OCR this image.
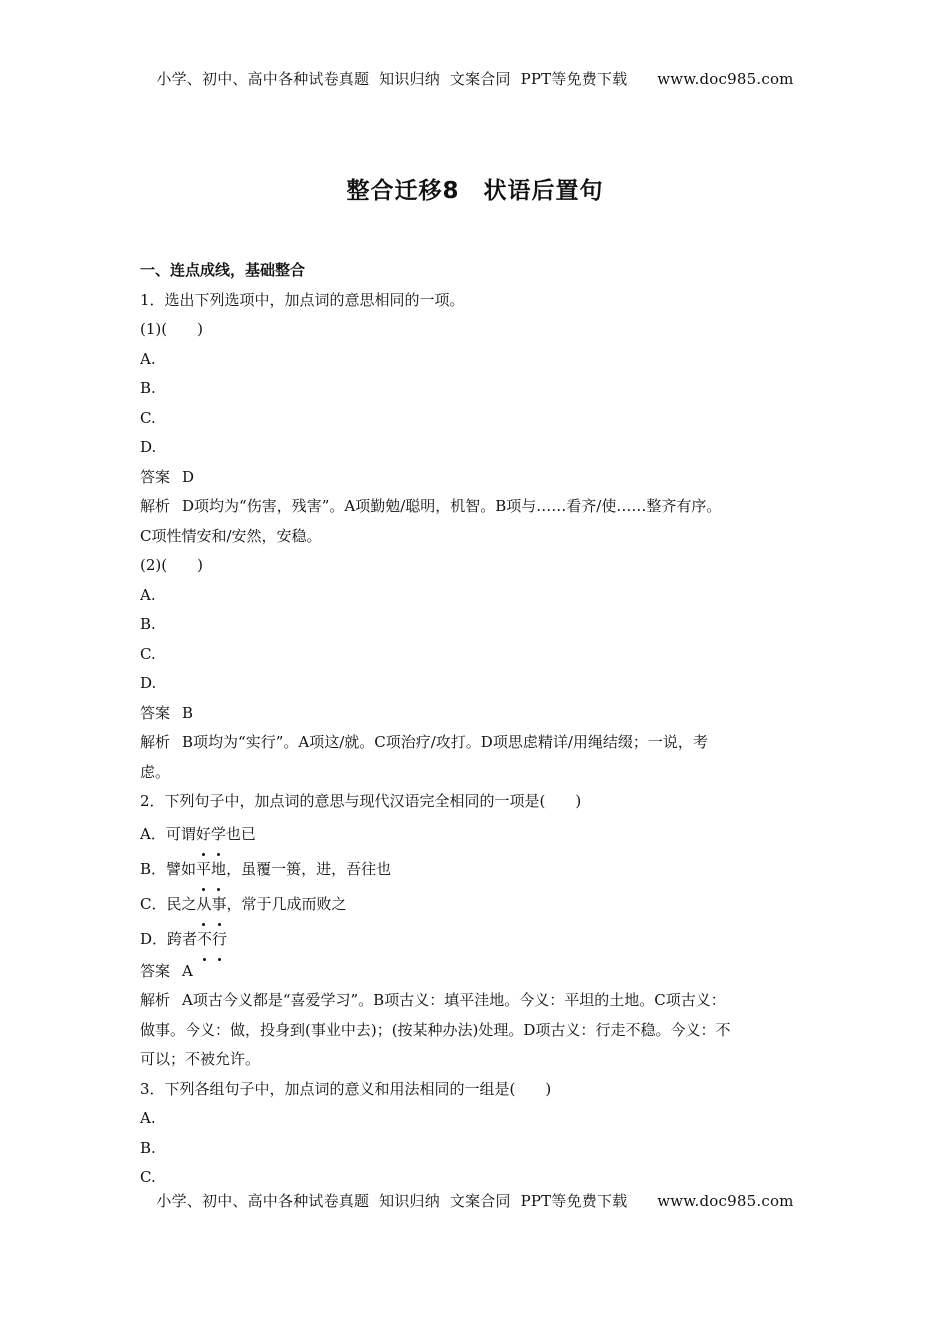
小学、初中、高中各种试卷真题  知识归纳  文案合同  PPT等免费下载      www.doc985.com
整合迁移8　状语后置句
一、连点成线，基础整合
1．选出下列选项中，加点词的意思相同的一项。
(1)(　　)
A.
B.
C.
D.
答案 D
解析 D项均为“伤害，残害”。A项勤勉/聪明，机智。B项与……看齐/使……整齐有序。
C项性情安和/安然，安稳。
(2)(　　)
A.
B.
C.
D.
答案 B
解析 B项均为“实行”。A项这/就。C项治疗/攻打。D项思虑精详/用绳结缀；一说，考
虑。
2．下列句子中，加点词的意思与现代汉语完全相同的一项是(　　)
A．可谓好学也已
B．譬如平地，虽覆一篑，进，吾往也
C．民之从事，常于几成而败之
D．跨者不行
答案 A
解析 A项古今义都是“喜爱学习”。B项古义：填平洼地。今义：平坦的土地。C项古义：
做事。今义：做，投身到(事业中去)；(按某种办法)处理。D项古义：行走不稳。今义：不
可以；不被允许。
3．下列各组句子中，加点词的意义和用法相同的一组是(　　)
A.
B.
C.
小学、初中、高中各种试卷真题  知识归纳  文案合同  PPT等免费下载      www.doc985.com
